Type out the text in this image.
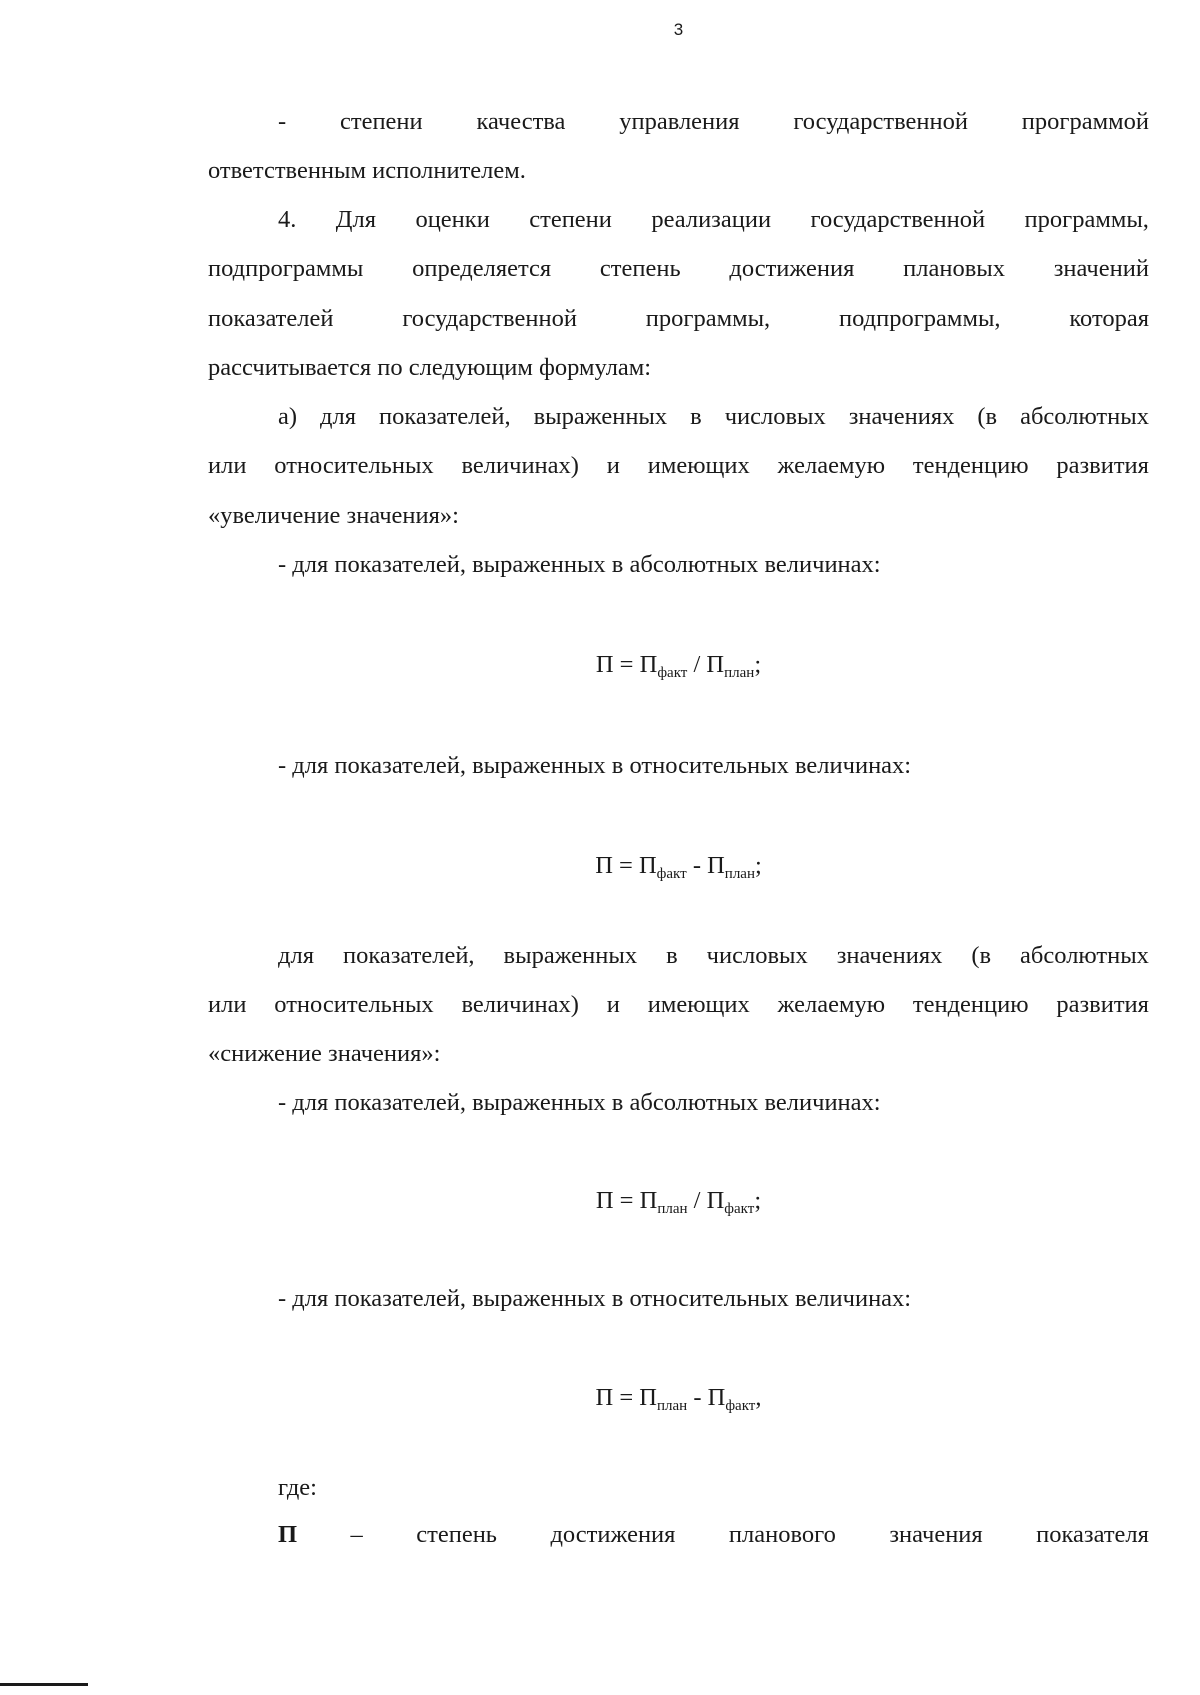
3
- степени качества управления государственной программой
ответственным исполнителем.
4. Для оценки степени реализации государственной программы,
подпрограммы определяется степень достижения плановых значений
показателей	государственной	программы,	подпрограммы,	которая
рассчитывается по следующим формулам:
а) для показателей, выраженных в числовых значениях (в абсолютных
или относительных величинах) и имеющих желаемую тенденцию развития
«увеличение значения»:
- для показателей, выраженных в абсолютных величинах:
$П = П_{факт} / П_{план}$;
- для показателей, выраженных в относительных величинах:
$П = П_{факт} - П_{план}$;
для показателей, выраженных в числовых значениях (в абсолютных
или относительных величинах) и имеющих желаемую тенденцию развития
«снижение значения»:
- для показателей, выраженных в абсолютных величинах:
$П = П_{план} / П_{факт}$;
- для показателей, выраженных в относительных величинах:
$П = П_{план} - П_{факт}$,
где:
П – степень достижения планового значения показателя
